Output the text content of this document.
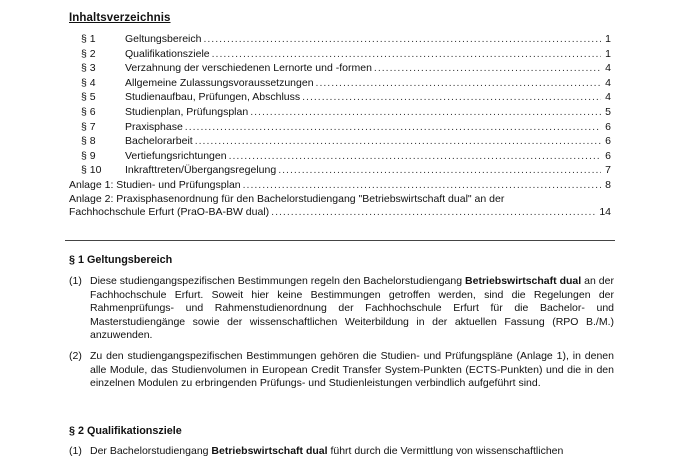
Inhaltsverzeichnis
§ 1	Geltungsbereich .....	1
§ 2	Qualifikationsziele .....	1
§ 3	Verzahnung der verschiedenen Lernorte und -formen .....	4
§ 4	Allgemeine Zulassungsvoraussetzungen .....	4
§ 5	Studienaufbau, Prüfungen, Abschluss .....	4
§ 6	Studienplan, Prüfungsplan .....	5
§ 7	Praxisphase .....	6
§ 8	Bachelorarbeit .....	6
§ 9	Vertiefungsrichtungen .....	6
§ 10	Inkrafttreten/Übergangsregelung .....	7
Anlage 1: Studien- und Prüfungsplan .....	8
Anlage 2: Praxisphasenordnung für den Bachelorstudiengang "Betriebswirtschaft dual" an der
Fachhochschule Erfurt (PraO-BA-BW dual) .....	14
§ 1 Geltungsbereich
(1) Diese studiengangspezifischen Bestimmungen regeln den Bachelorstudiengang Betriebswirtschaft dual an der Fachhochschule Erfurt. Soweit hier keine Bestimmungen getroffen werden, sind die Regelungen der Rahmenprüfungs- und Rahmenstudienordnung der Fachhochschule Erfurt für die Bachelor- und Masterstudiengänge sowie der wissenschaftlichen Weiterbildung in der aktuellen Fassung (RPO B./M.) anzuwenden.
(2) Zu den studiengangspezifischen Bestimmungen gehören die Studien- und Prüfungspläne (Anlage 1), in denen alle Module, das Studienvolumen in European Credit Transfer System-Punkten (ECTS-Punkten) und die in den einzelnen Modulen zu erbringenden Prüfungs- und Studienleistungen verbindlich aufgeführt sind.
§ 2 Qualifikationsziele
(1) Der Bachelorstudiengang Betriebswirtschaft dual führt durch die Vermittlung von wissenschaftlichen
